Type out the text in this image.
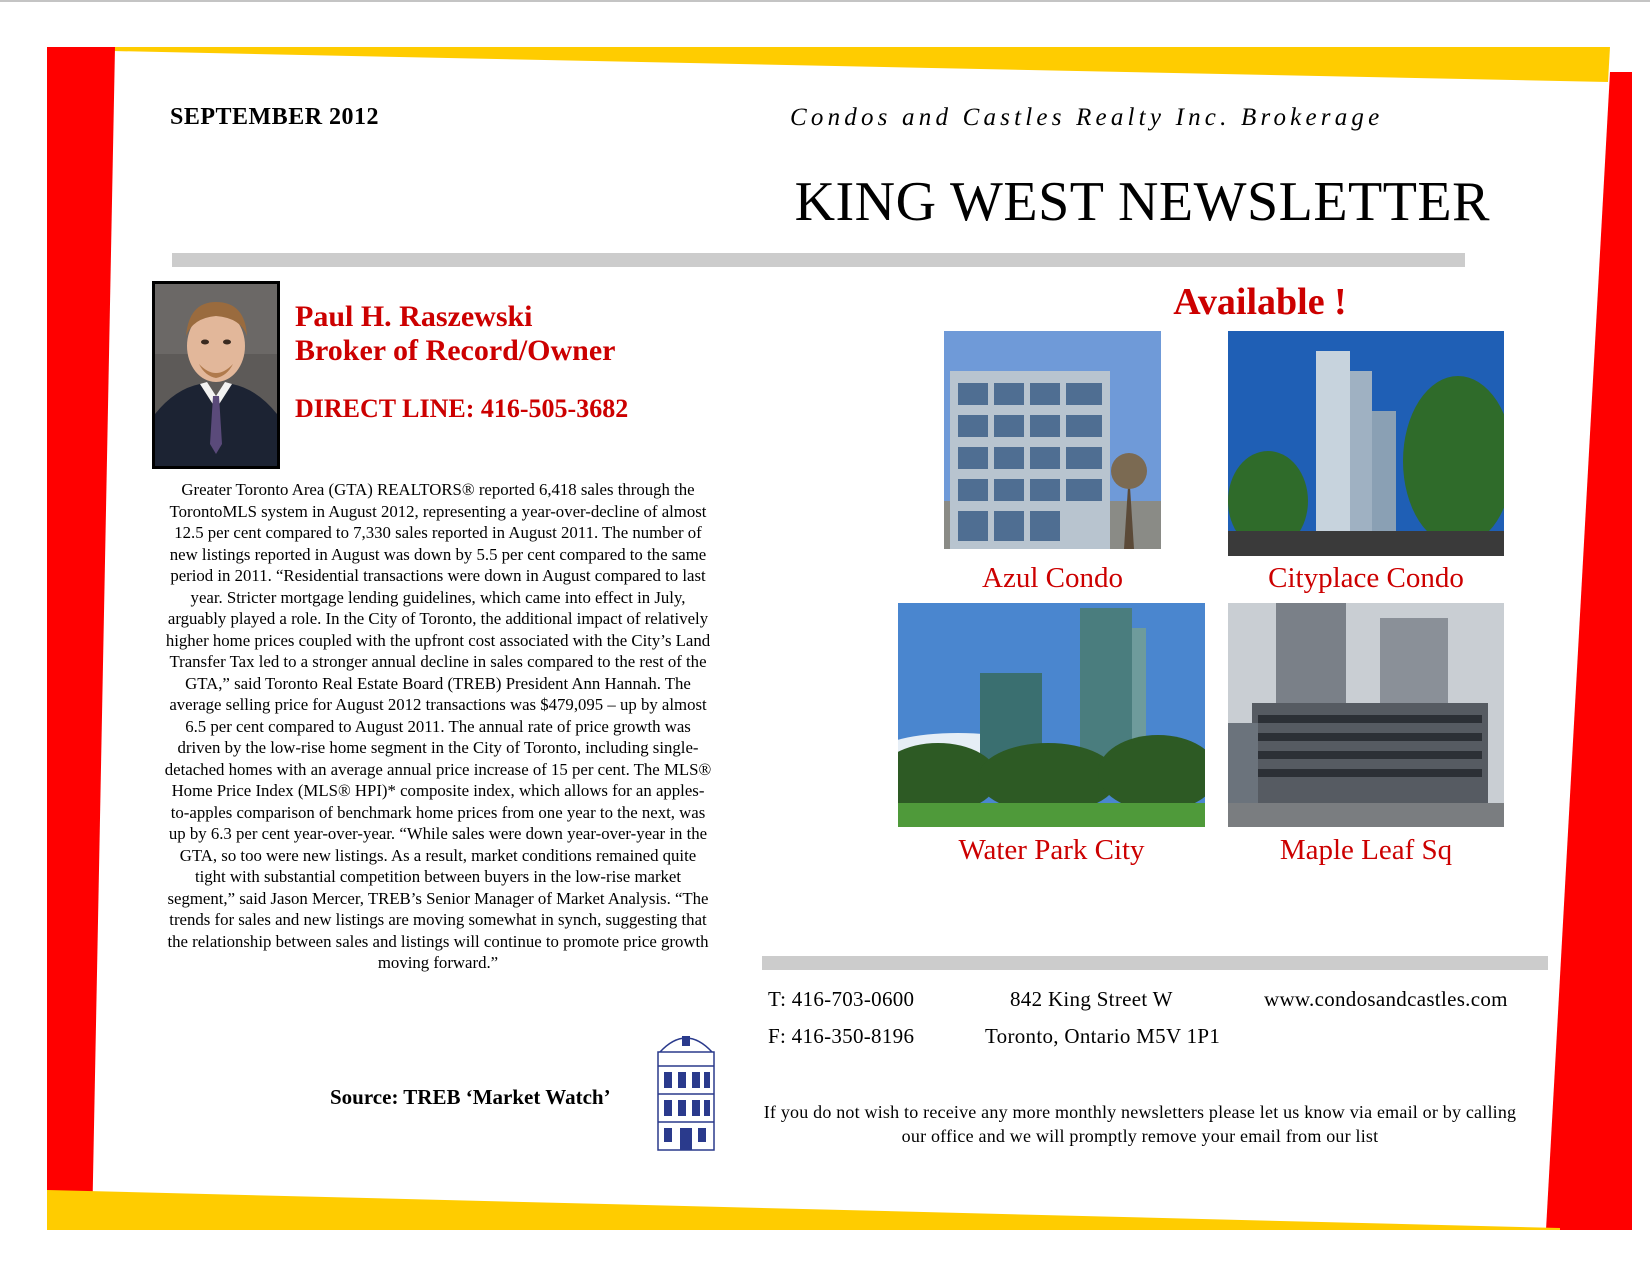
SEPTEMBER 2012	Condos and Castles Realty Inc. Brokerage
KING WEST NEWSLETTER
Paul H. Raszewski
Broker of Record/Owner
DIRECT LINE: 416-505-3682
Greater Toronto Area (GTA) REALTORS® reported 6,418 sales through the TorontoMLS system in August 2012, representing a year-over-decline of almost 12.5 per cent compared to 7,330 sales reported in August 2011. The number of new listings reported in August was down by 5.5 per cent compared to the same period in 2011. “Residential transactions were down in August compared to last year. Stricter mortgage lending guidelines, which came into effect in July, arguably played a role. In the City of Toronto, the additional impact of relatively higher home prices coupled with the upfront cost associated with the City’s Land Transfer Tax led to a stronger annual decline in sales compared to the rest of the GTA,” said Toronto Real Estate Board (TREB) President Ann Hannah. The average selling price for August 2012 transactions was $479,095 – up by almost 6.5 per cent compared to August 2011. The annual rate of price growth was driven by the low-rise home segment in the City of Toronto, including single-detached homes with an average annual price increase of 15 per cent. The MLS® Home Price Index (MLS® HPI)* composite index, which allows for an apples-to-apples comparison of benchmark home prices from one year to the next, was up by 6.3 per cent year-over-year. “While sales were down year-over-year in the GTA, so too were new listings. As a result, market conditions remained quite tight with substantial competition between buyers in the low-rise market segment,” said Jason Mercer, TREB’s Senior Manager of Market Analysis. “The trends for sales and new listings are moving somewhat in synch, suggesting that the relationship between sales and listings will continue to promote price growth moving forward.”
Source: TREB ‘Market Watch’
Available !
Azul Condo	Cityplace Condo
Water Park City	Maple Leaf Sq
T: 416-703-0600
F: 416-350-8196
842 King Street W
Toronto, Ontario M5V 1P1
www.condosandcastles.com
If you do not wish to receive any more monthly newsletters please let us know via email or by calling our office and we will promptly remove your email from our list
